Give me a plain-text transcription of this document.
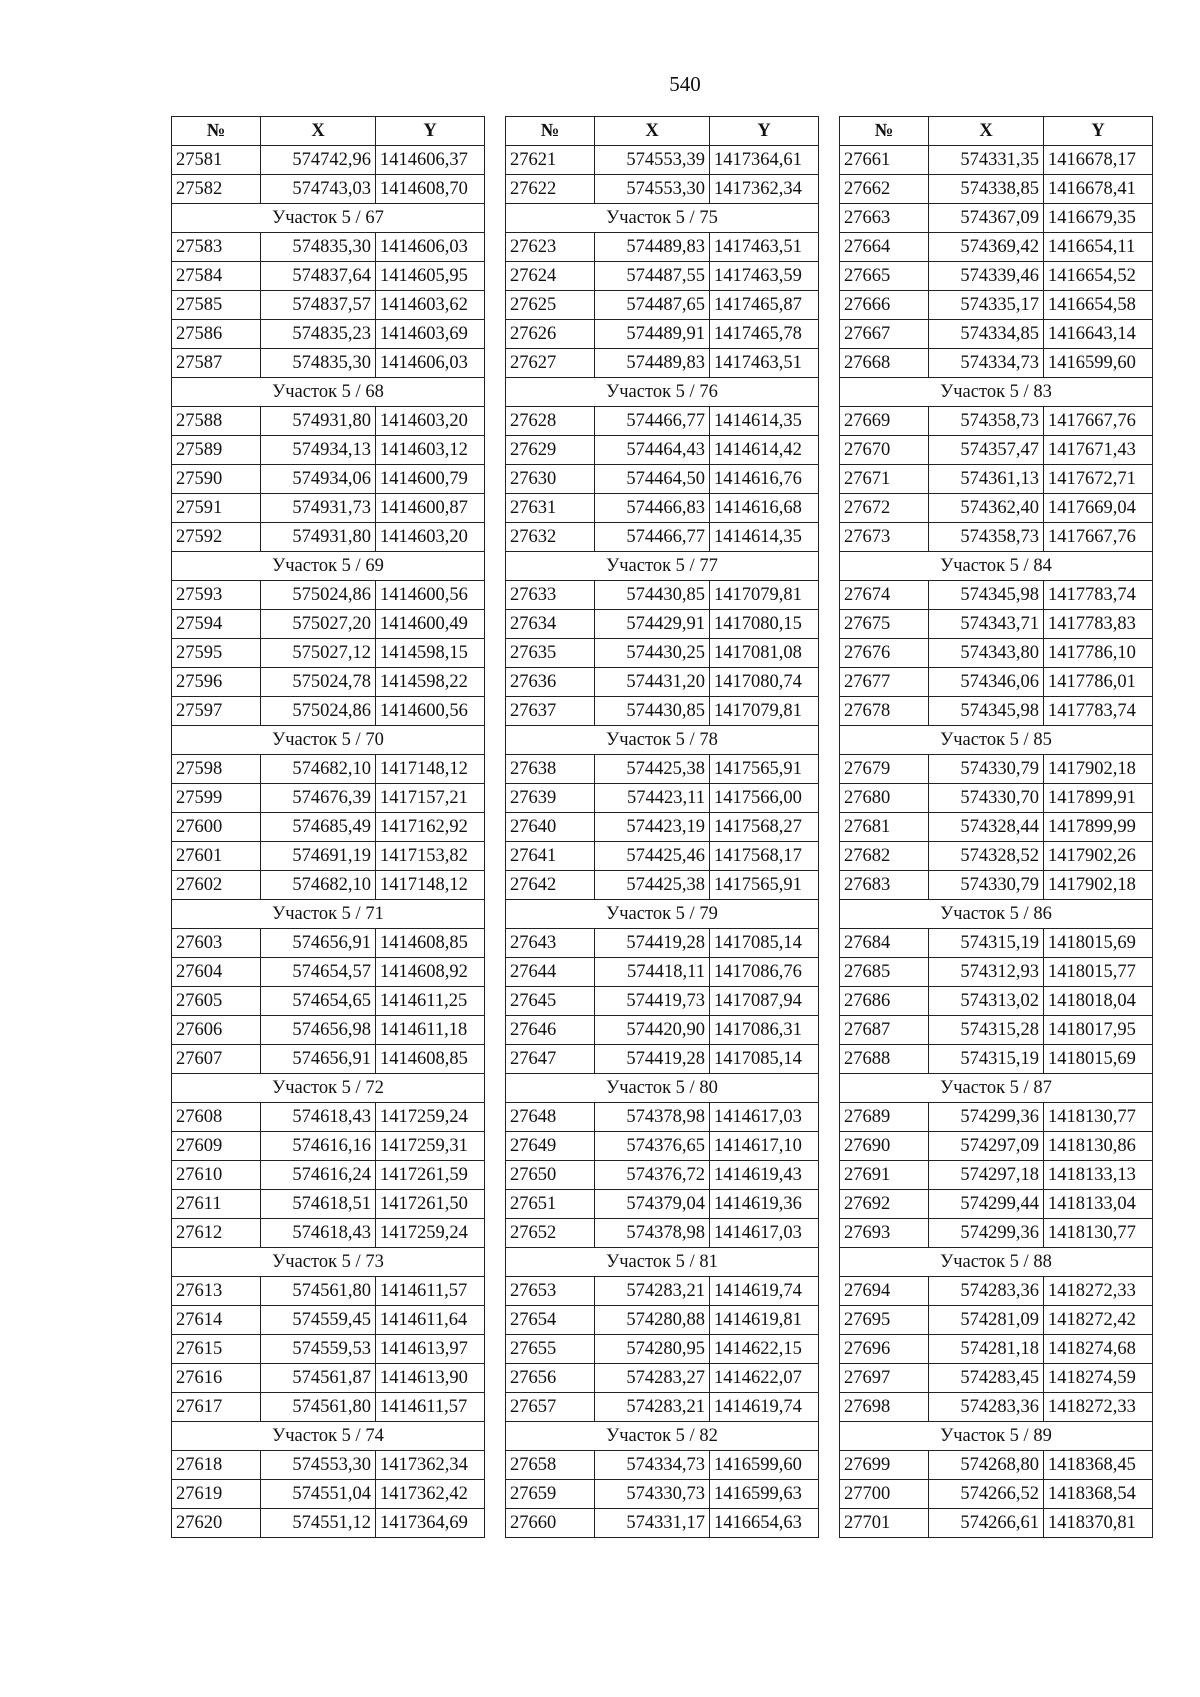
540
№	X	Y
27581	574742,96	1414606,37
27582	574743,03	1414608,70
Участок 5 / 67		
27583	574835,30	1414606,03
27584	574837,64	1414605,95
27585	574837,57	1414603,62
27586	574835,23	1414603,69
27587	574835,30	1414606,03
Участок 5 / 68		
27588	574931,80	1414603,20
27589	574934,13	1414603,12
27590	574934,06	1414600,79
27591	574931,73	1414600,87
27592	574931,80	1414603,20
Участок 5 / 69		
27593	575024,86	1414600,56
27594	575027,20	1414600,49
27595	575027,12	1414598,15
27596	575024,78	1414598,22
27597	575024,86	1414600,56
Участок 5 / 70		
27598	574682,10	1417148,12
27599	574676,39	1417157,21
27600	574685,49	1417162,92
27601	574691,19	1417153,82
27602	574682,10	1417148,12
Участок 5 / 71		
27603	574656,91	1414608,85
27604	574654,57	1414608,92
27605	574654,65	1414611,25
27606	574656,98	1414611,18
27607	574656,91	1414608,85
Участок 5 / 72		
27608	574618,43	1417259,24
27609	574616,16	1417259,31
27610	574616,24	1417261,59
27611	574618,51	1417261,50
27612	574618,43	1417259,24
Участок 5 / 73		
27613	574561,80	1414611,57
27614	574559,45	1414611,64
27615	574559,53	1414613,97
27616	574561,87	1414613,90
27617	574561,80	1414611,57
Участок 5 / 74		
27618	574553,30	1417362,34
27619	574551,04	1417362,42
27620	574551,12	1417364,69
№	X	Y
27621	574553,39	1417364,61
27622	574553,30	1417362,34
Участок 5 / 75		
27623	574489,83	1417463,51
27624	574487,55	1417463,59
27625	574487,65	1417465,87
27626	574489,91	1417465,78
27627	574489,83	1417463,51
Участок 5 / 76		
27628	574466,77	1414614,35
27629	574464,43	1414614,42
27630	574464,50	1414616,76
27631	574466,83	1414616,68
27632	574466,77	1414614,35
Участок 5 / 77		
27633	574430,85	1417079,81
27634	574429,91	1417080,15
27635	574430,25	1417081,08
27636	574431,20	1417080,74
27637	574430,85	1417079,81
Участок 5 / 78		
27638	574425,38	1417565,91
27639	574423,11	1417566,00
27640	574423,19	1417568,27
27641	574425,46	1417568,17
27642	574425,38	1417565,91
Участок 5 / 79		
27643	574419,28	1417085,14
27644	574418,11	1417086,76
27645	574419,73	1417087,94
27646	574420,90	1417086,31
27647	574419,28	1417085,14
Участок 5 / 80		
27648	574378,98	1414617,03
27649	574376,65	1414617,10
27650	574376,72	1414619,43
27651	574379,04	1414619,36
27652	574378,98	1414617,03
Участок 5 / 81		
27653	574283,21	1414619,74
27654	574280,88	1414619,81
27655	574280,95	1414622,15
27656	574283,27	1414622,07
27657	574283,21	1414619,74
Участок 5 / 82		
27658	574334,73	1416599,60
27659	574330,73	1416599,63
27660	574331,17	1416654,63
№	X	Y
27661	574331,35	1416678,17
27662	574338,85	1416678,41
27663	574367,09	1416679,35
27664	574369,42	1416654,11
27665	574339,46	1416654,52
27666	574335,17	1416654,58
27667	574334,85	1416643,14
27668	574334,73	1416599,60
Участок 5 / 83		
27669	574358,73	1417667,76
27670	574357,47	1417671,43
27671	574361,13	1417672,71
27672	574362,40	1417669,04
27673	574358,73	1417667,76
Участок 5 / 84		
27674	574345,98	1417783,74
27675	574343,71	1417783,83
27676	574343,80	1417786,10
27677	574346,06	1417786,01
27678	574345,98	1417783,74
Участок 5 / 85		
27679	574330,79	1417902,18
27680	574330,70	1417899,91
27681	574328,44	1417899,99
27682	574328,52	1417902,26
27683	574330,79	1417902,18
Участок 5 / 86		
27684	574315,19	1418015,69
27685	574312,93	1418015,77
27686	574313,02	1418018,04
27687	574315,28	1418017,95
27688	574315,19	1418015,69
Участок 5 / 87		
27689	574299,36	1418130,77
27690	574297,09	1418130,86
27691	574297,18	1418133,13
27692	574299,44	1418133,04
27693	574299,36	1418130,77
Участок 5 / 88		
27694	574283,36	1418272,33
27695	574281,09	1418272,42
27696	574281,18	1418274,68
27697	574283,45	1418274,59
27698	574283,36	1418272,33
Участок 5 / 89		
27699	574268,80	1418368,45
27700	574266,52	1418368,54
27701	574266,61	1418370,81
